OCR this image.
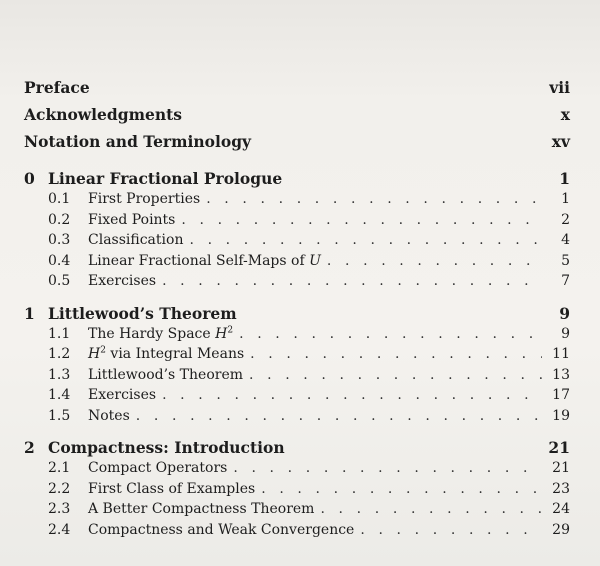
Preface	vii
Acknowledgments	x
Notation and Terminology	xv
0 Linear Fractional Prologue	1
0.1	First Properties . . .	1
0.2	Fixed Points . . .	2
0.3	Classification . . .	4
0.4	Linear Fractional Self-Maps of U . . .	5
0.5	Exercises . . .	7
1 Littlewood’s Theorem	9
1.1	The Hardy Space $H^2$ . . .	9
1.2	$H^2$ via Integral Means . . .	11
1.3	Littlewood’s Theorem . . .	13
1.4	Exercises . . .	17
1.5	Notes . . .	19
2 Compactness: Introduction	21
2.1	Compact Operators . . .	21
2.2	First Class of Examples . . .	23
2.3	A Better Compactness Theorem . . .	24
2.4	Compactness and Weak Convergence . . .	29
